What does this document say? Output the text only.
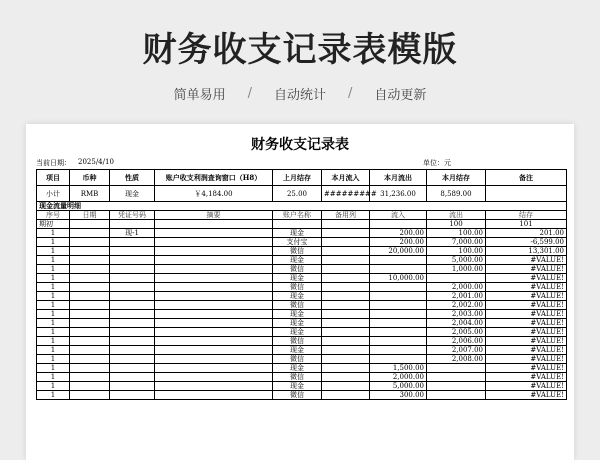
财务收支记录表模版
简单易用 / 自动统计 / 自动更新
财务收支记录表
当前日期： 2025/4/10	单位：元
项目	币种	性质	账户收支利润查询窗口（H8）	上月结存	本月流入	本月流出	本月结存	备注
小计	RMB	现金	￥4,184.00	25.00	#########	31,236.00	8,589.00	
现金流量明细								
序号	日期	凭证号码	摘要	账户名称	备用列	流入	流出	结存
期初							100	101
1		现-1		现金		200.00	100.00	201.00
1				支付宝		200.00	7,000.00	-6,599.00
1				微信		20,000.00	100.00	13,301.00
1				现金			5,000.00	#VALUE!
1				微信			1,000.00	#VALUE!
1				现金		10,000.00		#VALUE!
1				微信			2,000.00	#VALUE!
1				现金			2,001.00	#VALUE!
1				微信			2,002.00	#VALUE!
1				现金			2,003.00	#VALUE!
1				现金			2,004.00	#VALUE!
1				现金			2,005.00	#VALUE!
1				微信			2,006.00	#VALUE!
1				现金			2,007.00	#VALUE!
1				微信			2,008.00	#VALUE!
1				现金		1,500.00		#VALUE!
1				微信		2,000.00		#VALUE!
1				现金		5,000.00		#VALUE!
1				微信		300.00		#VALUE!
